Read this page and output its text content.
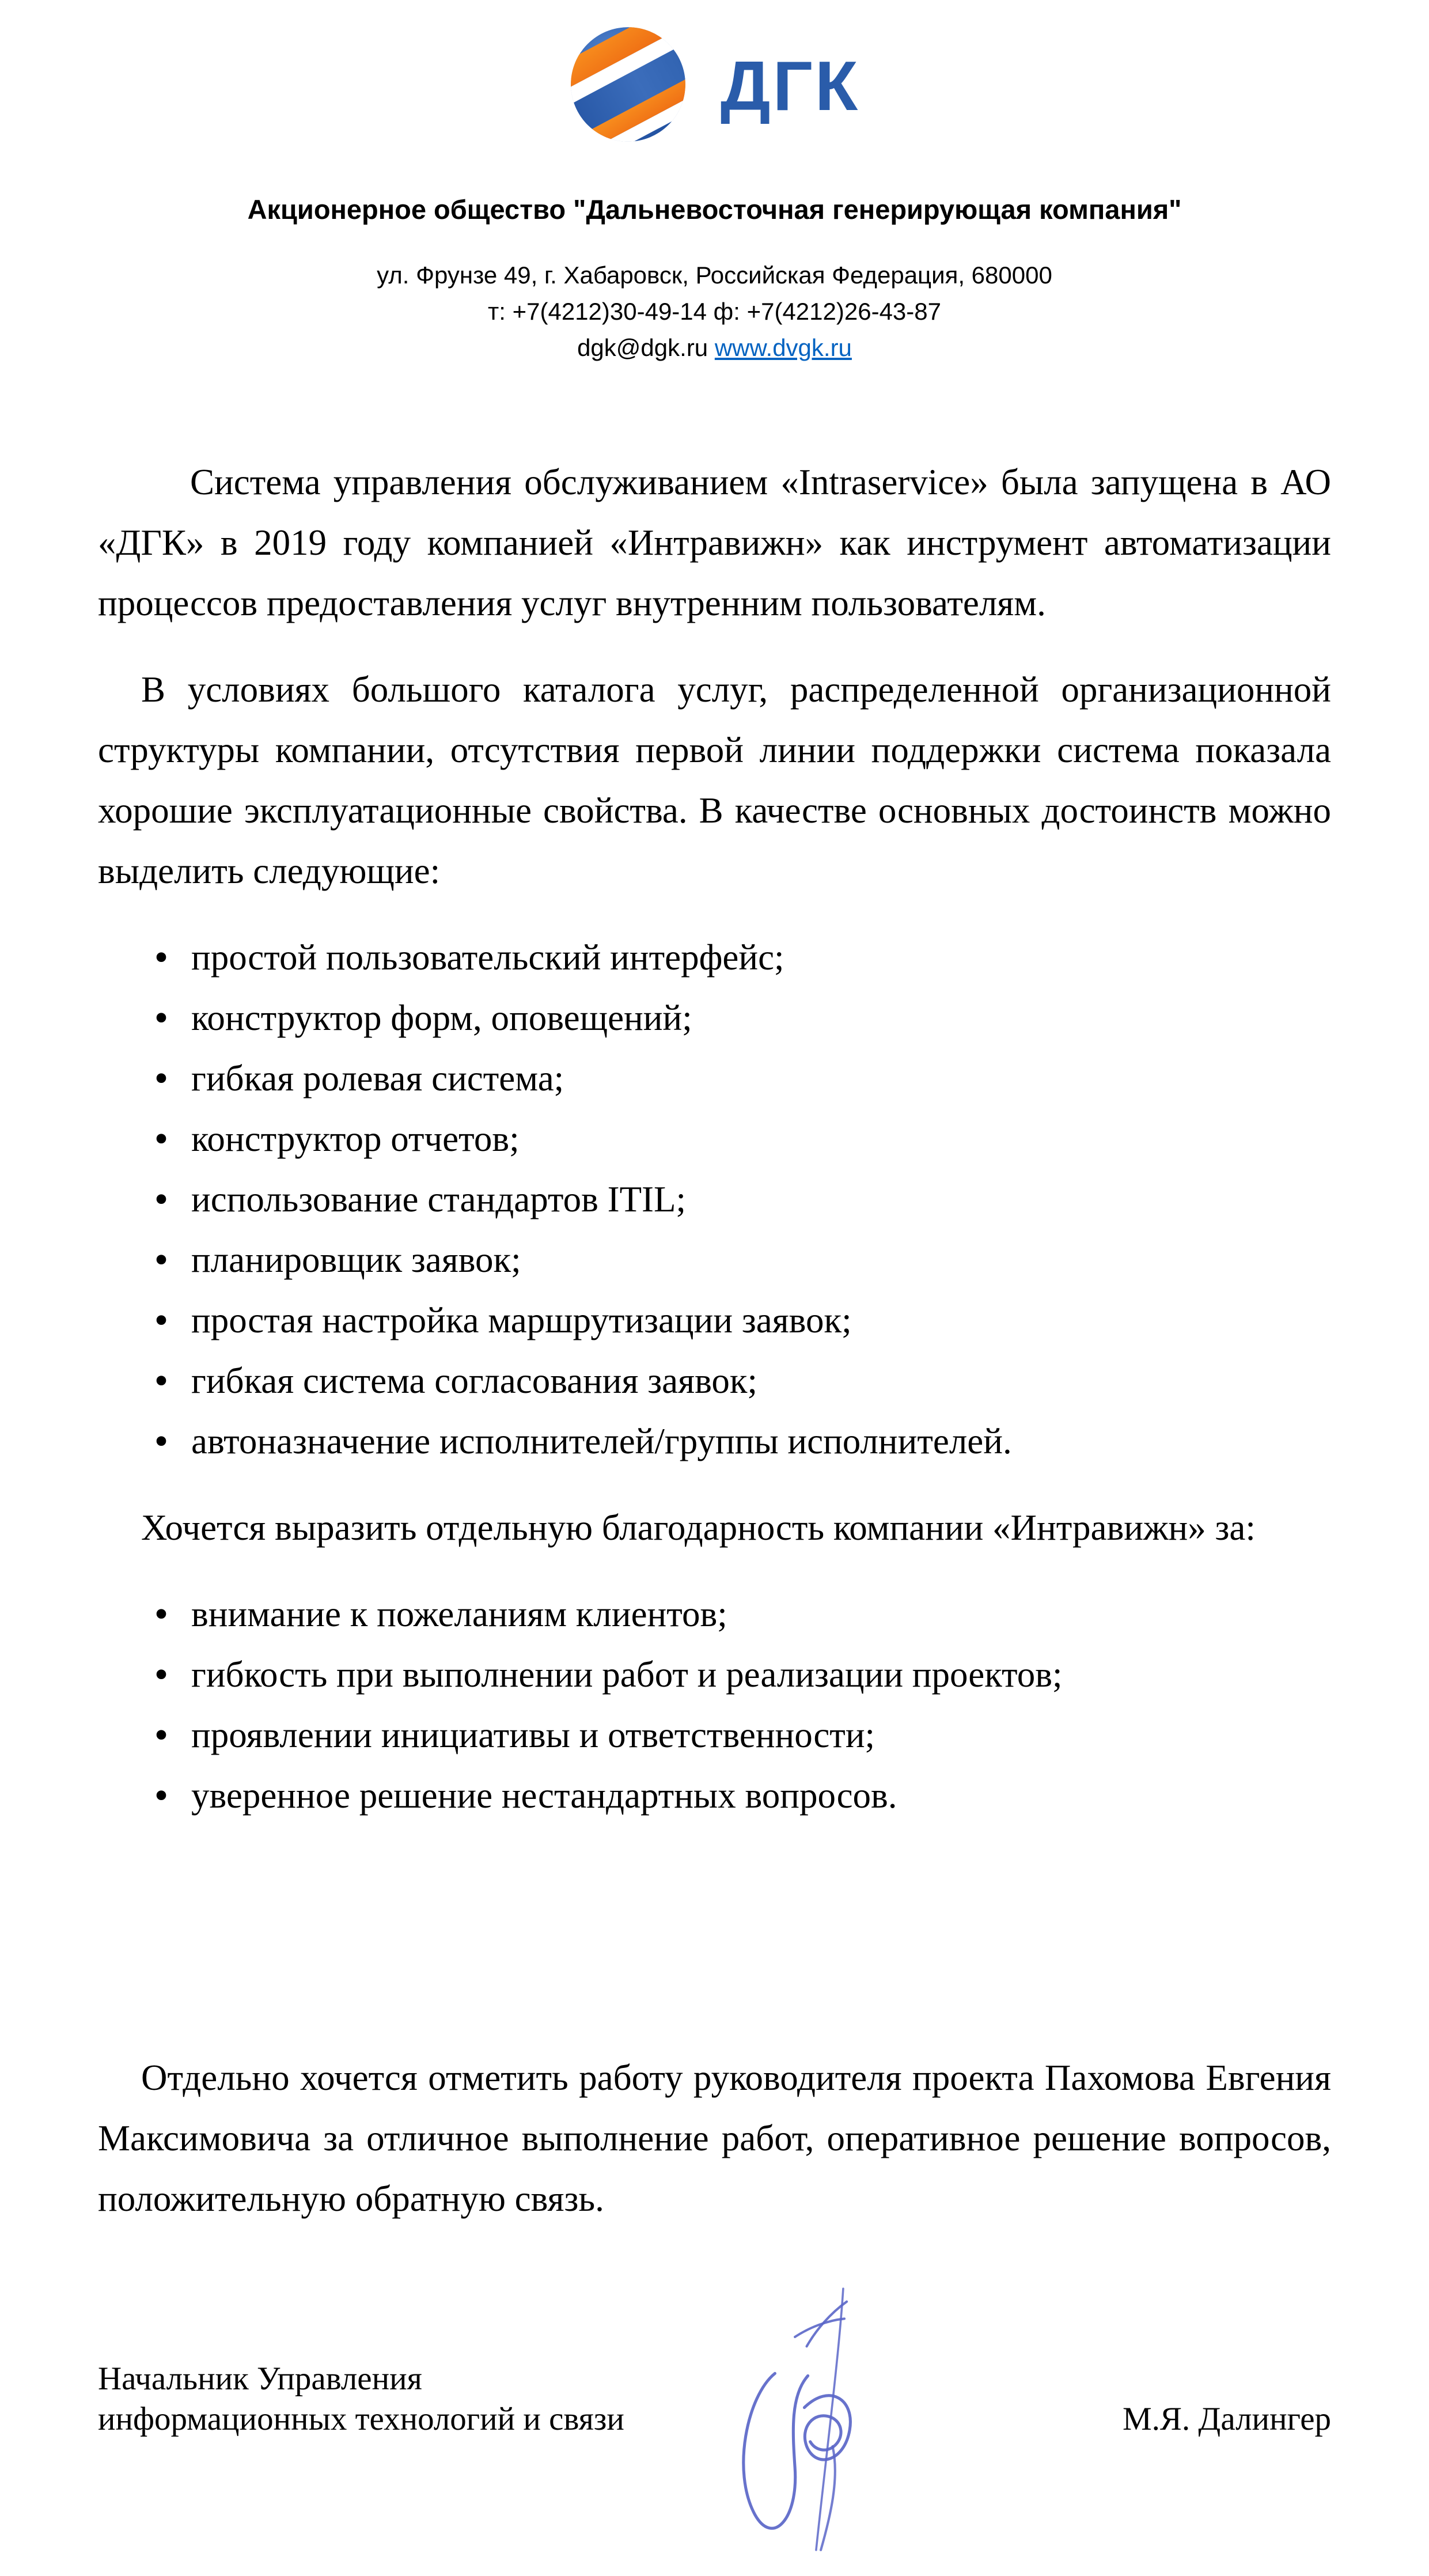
ДГК
Акционерное общество "Дальневосточная генерирующая компания"
ул. Фрунзе 49, г. Хабаровск, Российская Федерация, 680000
т: +7(4212)30-49-14 ф: +7(4212)26-43-87
dgk@dgk.ru www.dvgk.ru

Система управления обслуживанием «Intraservice» была запущена в АО «ДГК» в 2019 году компанией «Интравижн» как инструмент автоматизации процессов предоставления услуг внутренним пользователям.

В условиях большого каталога услуг, распределенной организационной структуры компании, отсутствия первой линии поддержки система показала хорошие эксплуатационные свойства. В качестве основных достоинств можно выделить следующие:

•
простой пользовательский интерфейс;
•
конструктор форм, оповещений;
•
гибкая ролевая система;
•
конструктор отчетов;
•
использование стандартов ITIL;
•
планировщик заявок;
•
простая настройка маршрутизации заявок;
•
гибкая система согласования заявок;
•
автоназначение исполнителей/группы исполнителей.

Хочется выразить отдельную благодарность компании «Интравижн» за:

•
внимание к пожеланиям клиентов;
•
гибкость при выполнении работ и реализации проектов;
•
проявлении инициативы и ответственности;
•
уверенное решение нестандартных вопросов.

Отдельно хочется отметить работу руководителя проекта Пахомова Евгения Максимовича за отличное выполнение работ, оперативное решение вопросов, положительную обратную связь.

Начальник Управления
информационных технологий и связи	М.Я. Далингер
